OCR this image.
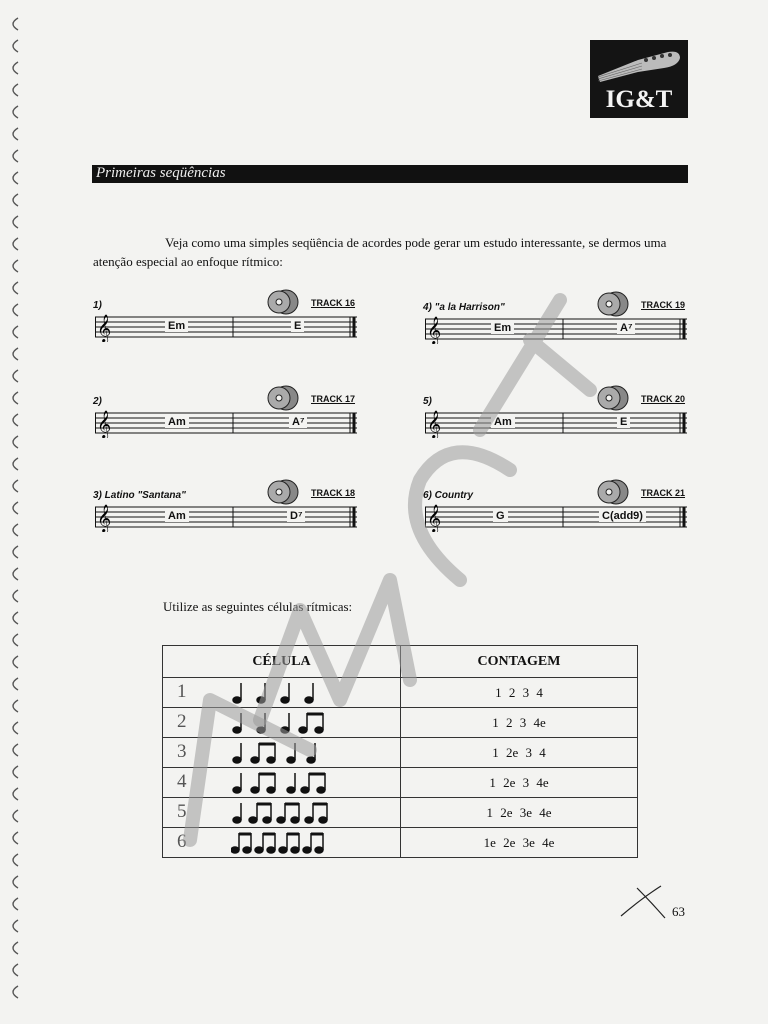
IG&T
Primeiras seqüências
Veja como uma simples seqüência de acordes pode gerar um estudo interessante, se dermos uma atenção especial ao enfoque rítmico:
1)	TRACK 16
Em	E
2)	TRACK 17
Am	A⁷
3) Latino "Santana"	TRACK 18
Am	D⁷
4) "a la Harrison"	TRACK 19
Em	A⁷
5)	TRACK 20
Am	E
6) Country	TRACK 21
G	C(add9)
Utilize as seguintes células rítmicas:
CÉLULA	CONTAGEM

1	1 2 3 4

2	1 2 3 4e

3	1 2e 3 4

4	1 2e 3 4e

5	1 2e 3e 4e

6	1e 2e 3e 4e
63
